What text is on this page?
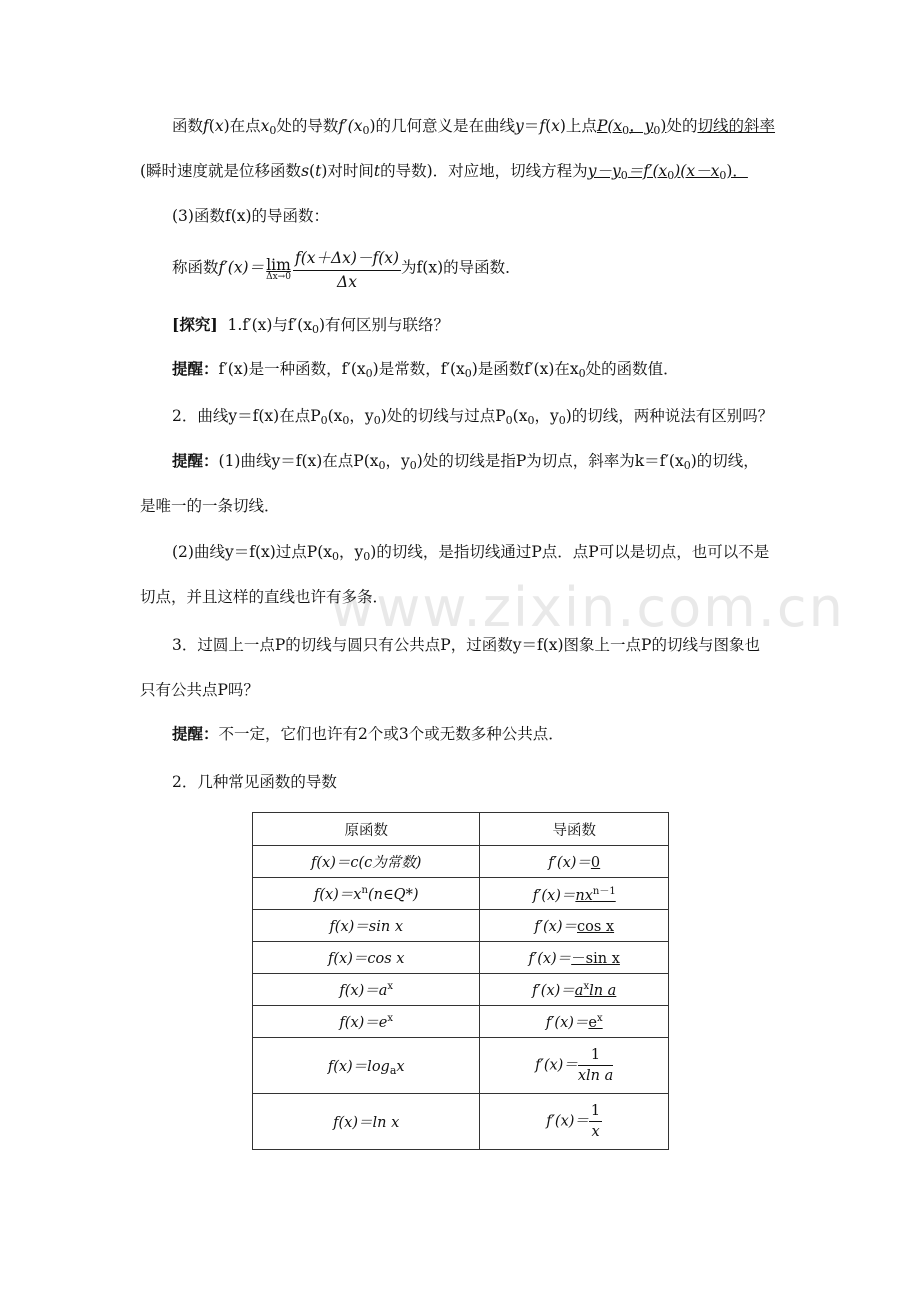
www.zixin.com.cn
函数f(x)在点$x_0$处的导数$f'(x_0)$的几何意义是在曲线y＝f(x)上点$P(x_0$，$y_0$)处的切线的斜率
(瞬时速度就是位移函数s(t)对时间t的导数)．对应地，切线方程为$y-y_0=f'(x_0)(x-x_0)$．
(3)函数f(x)的导函数：
称函数f′(x)＝ lim
$\Delta x\to 0 \frac{f(x+\Delta x)-f(x)}{\Delta x}$ 为f(x)的导函数．
[探究] 1.f′(x)与$f'(x_0)$有何区别与联络？
提醒：f′(x)是一种函数，$f'(x_0)$是常数，$f'(x_0)$是函数f′(x)在$x_0$处的函数值．
2．曲线y＝f(x)在点$P_0(x_0$，$y_0$)处的切线与过点$P_0(x_0$，$y_0$)的切线，两种说法有区别吗？
提醒：(1)曲线y＝f(x)在点$P(x_0$，$y_0$)处的切线是指P为切点，斜率为$k=f'(x_0)$的切线，
是唯一的一条切线．
(2)曲线y＝f(x)过点$P(x_0$，$y_0$)的切线，是指切线通过P点．点P可以是切点，也可以不是
切点，并且这样的直线也许有多条．
3．过圆上一点P的切线与圆只有公共点P，过函数y＝f(x)图象上一点P的切线与图象也
只有公共点P吗？
提醒：不一定，它们也许有2个或3个或无数多种公共点．
2．几种常见函数的导数
原函数	导函数
f(x)＝c(c为常数)	f′(x)＝0
$f(x)=x^n(n\in Q*)$	$f'(x)=nx^{n-1}$
f(x)＝sin x	f′(x)＝cos x
f(x)＝cos x	f′(x)＝－sin x
$f(x)=a^x$	$f'(x)=a^x\ln$ a
$f(x)=e^x$	$f'(x)=e^x$
$f(x)=\log_ax$	$f'(x)= \frac{1}{\text{xln a}}$

f(x)＝ln x	$f'(x)= \frac{1}{x}$
